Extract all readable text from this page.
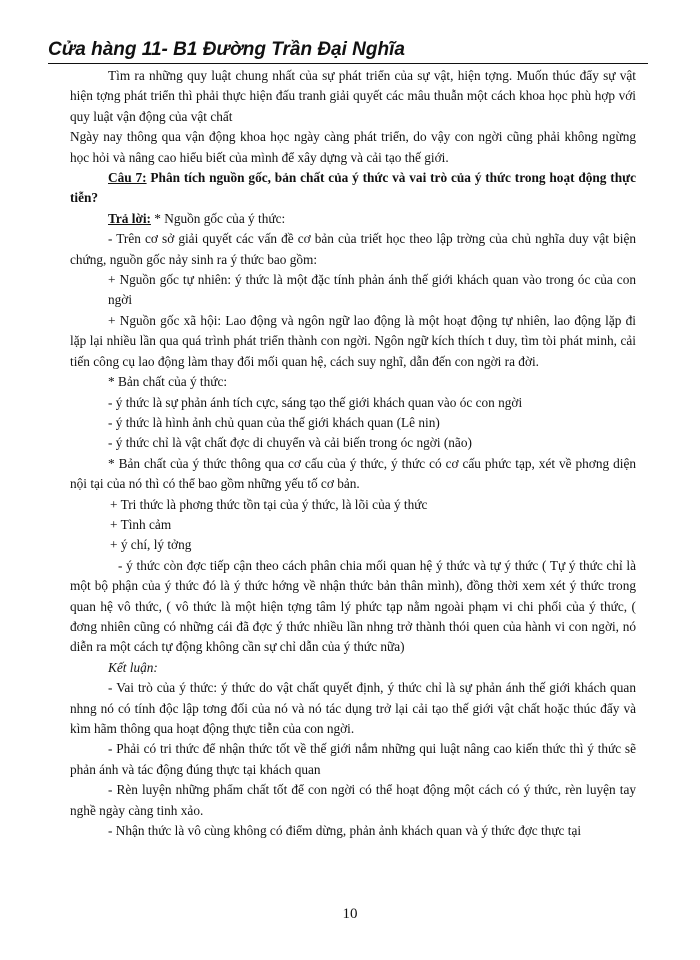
Cửa hàng 11- B1 Đường Trần Đại Nghĩa

Tìm ra những quy luật chung nhất của sự phát triển của sự vật, hiện tợng. Muốn thúc đẩy sự vật hiện tợng phát triển thì phải thực hiện đấu tranh giải quyết các mâu thuẫn một cách khoa học phù hợp với quy luật vận động của vật chất

Ngày nay thông qua vận động khoa học ngày càng phát triển, do vậy con ngời cũng phải không ngừng học hỏi và nâng cao hiểu biết của mình để xây dựng và cải tạo thế giới.

Câu 7: Phân tích nguồn gốc, bản chất của ý thức và vai trò của ý thức trong hoạt động thực tiễn?

Trả lời: * Nguồn gốc của ý thức:

- Trên cơ sở giải quyết các vấn đề cơ bản của triết học theo lập trờng của chủ nghĩa duy vật biện chứng, nguồn gốc nảy sinh ra ý thức bao gồm:

+ Nguồn gốc tự nhiên: ý thức là một đặc tính phản ánh thế giới khách quan vào trong óc của con ngời

+ Nguồn gốc xã hội: Lao động và ngôn ngữ lao động là một hoạt động tự nhiên, lao động lặp đi lặp lại nhiều lần qua quá trình phát triển thành con ngời. Ngôn ngữ kích thích t duy, tìm tòi phát minh, cải tiến công cụ lao động làm thay đổi mối quan hệ, cách suy nghĩ, dẫn đến con ngời ra đời.

* Bản chất của ý thức:

- ý thức là sự phản ánh tích cực, sáng tạo thế giới khách quan vào óc con ngời

- ý thức là hình ảnh chủ quan của thế giới khách quan (Lê nin)

- ý thức chỉ là vật chất đợc di chuyển và cải biến trong óc ngời (não)

* Bản chất của ý thức thông qua cơ cấu của ý thức, ý thức có cơ cấu phức tạp, xét về phơng diện nội tại của nó thì có thể bao gồm những yếu tố cơ bản.

+ Tri thức là phơng thức tồn tại của ý thức, là lõi của ý thức

+ Tình cảm

+ ý chí, lý tởng

- ý thức còn đợc tiếp cận theo cách phân chia mối quan hệ ý thức và tự ý thức ( Tự ý thức chỉ là một bộ phận của ý thức đó là ý thức hớng về nhận thức bản thân mình), đồng thời xem xét ý thức trong quan hệ vô thức, ( vô thức là một hiện tợng tâm lý phức tạp nằm ngoài phạm vi chi phối của ý thức, ( đơng nhiên cũng có những cái đã đợc ý thức nhiều lần nhng trở thành thói quen của hành vi con ngời, nó diễn ra một cách tự động không cần sự chỉ dẫn của ý thức nữa)

Kết luận:

- Vai trò của ý thức: ý thức do vật chất quyết định, ý thức chỉ là sự phản ánh thế giới khách quan nhng nó có tính độc lập tơng đối của nó và nó tác dụng trở lại cải tạo thế giới vật chất hoặc thúc đẩy và kìm hãm thông qua hoạt động thực tiễn của con ngời.

- Phải có tri thức để nhận thức tốt về thế giới nắm những qui luật nâng cao kiến thức thì ý thức sẽ phản ánh và tác động đúng thực tại khách quan

- Rèn luyện những phẩm chất tốt để con ngời có thể hoạt động một cách có ý thức, rèn luyện tay nghề ngày càng tinh xảo.

- Nhận thức là vô cùng không có điểm dừng, phản ảnh khách quan và ý thức đợc thực tại

10
